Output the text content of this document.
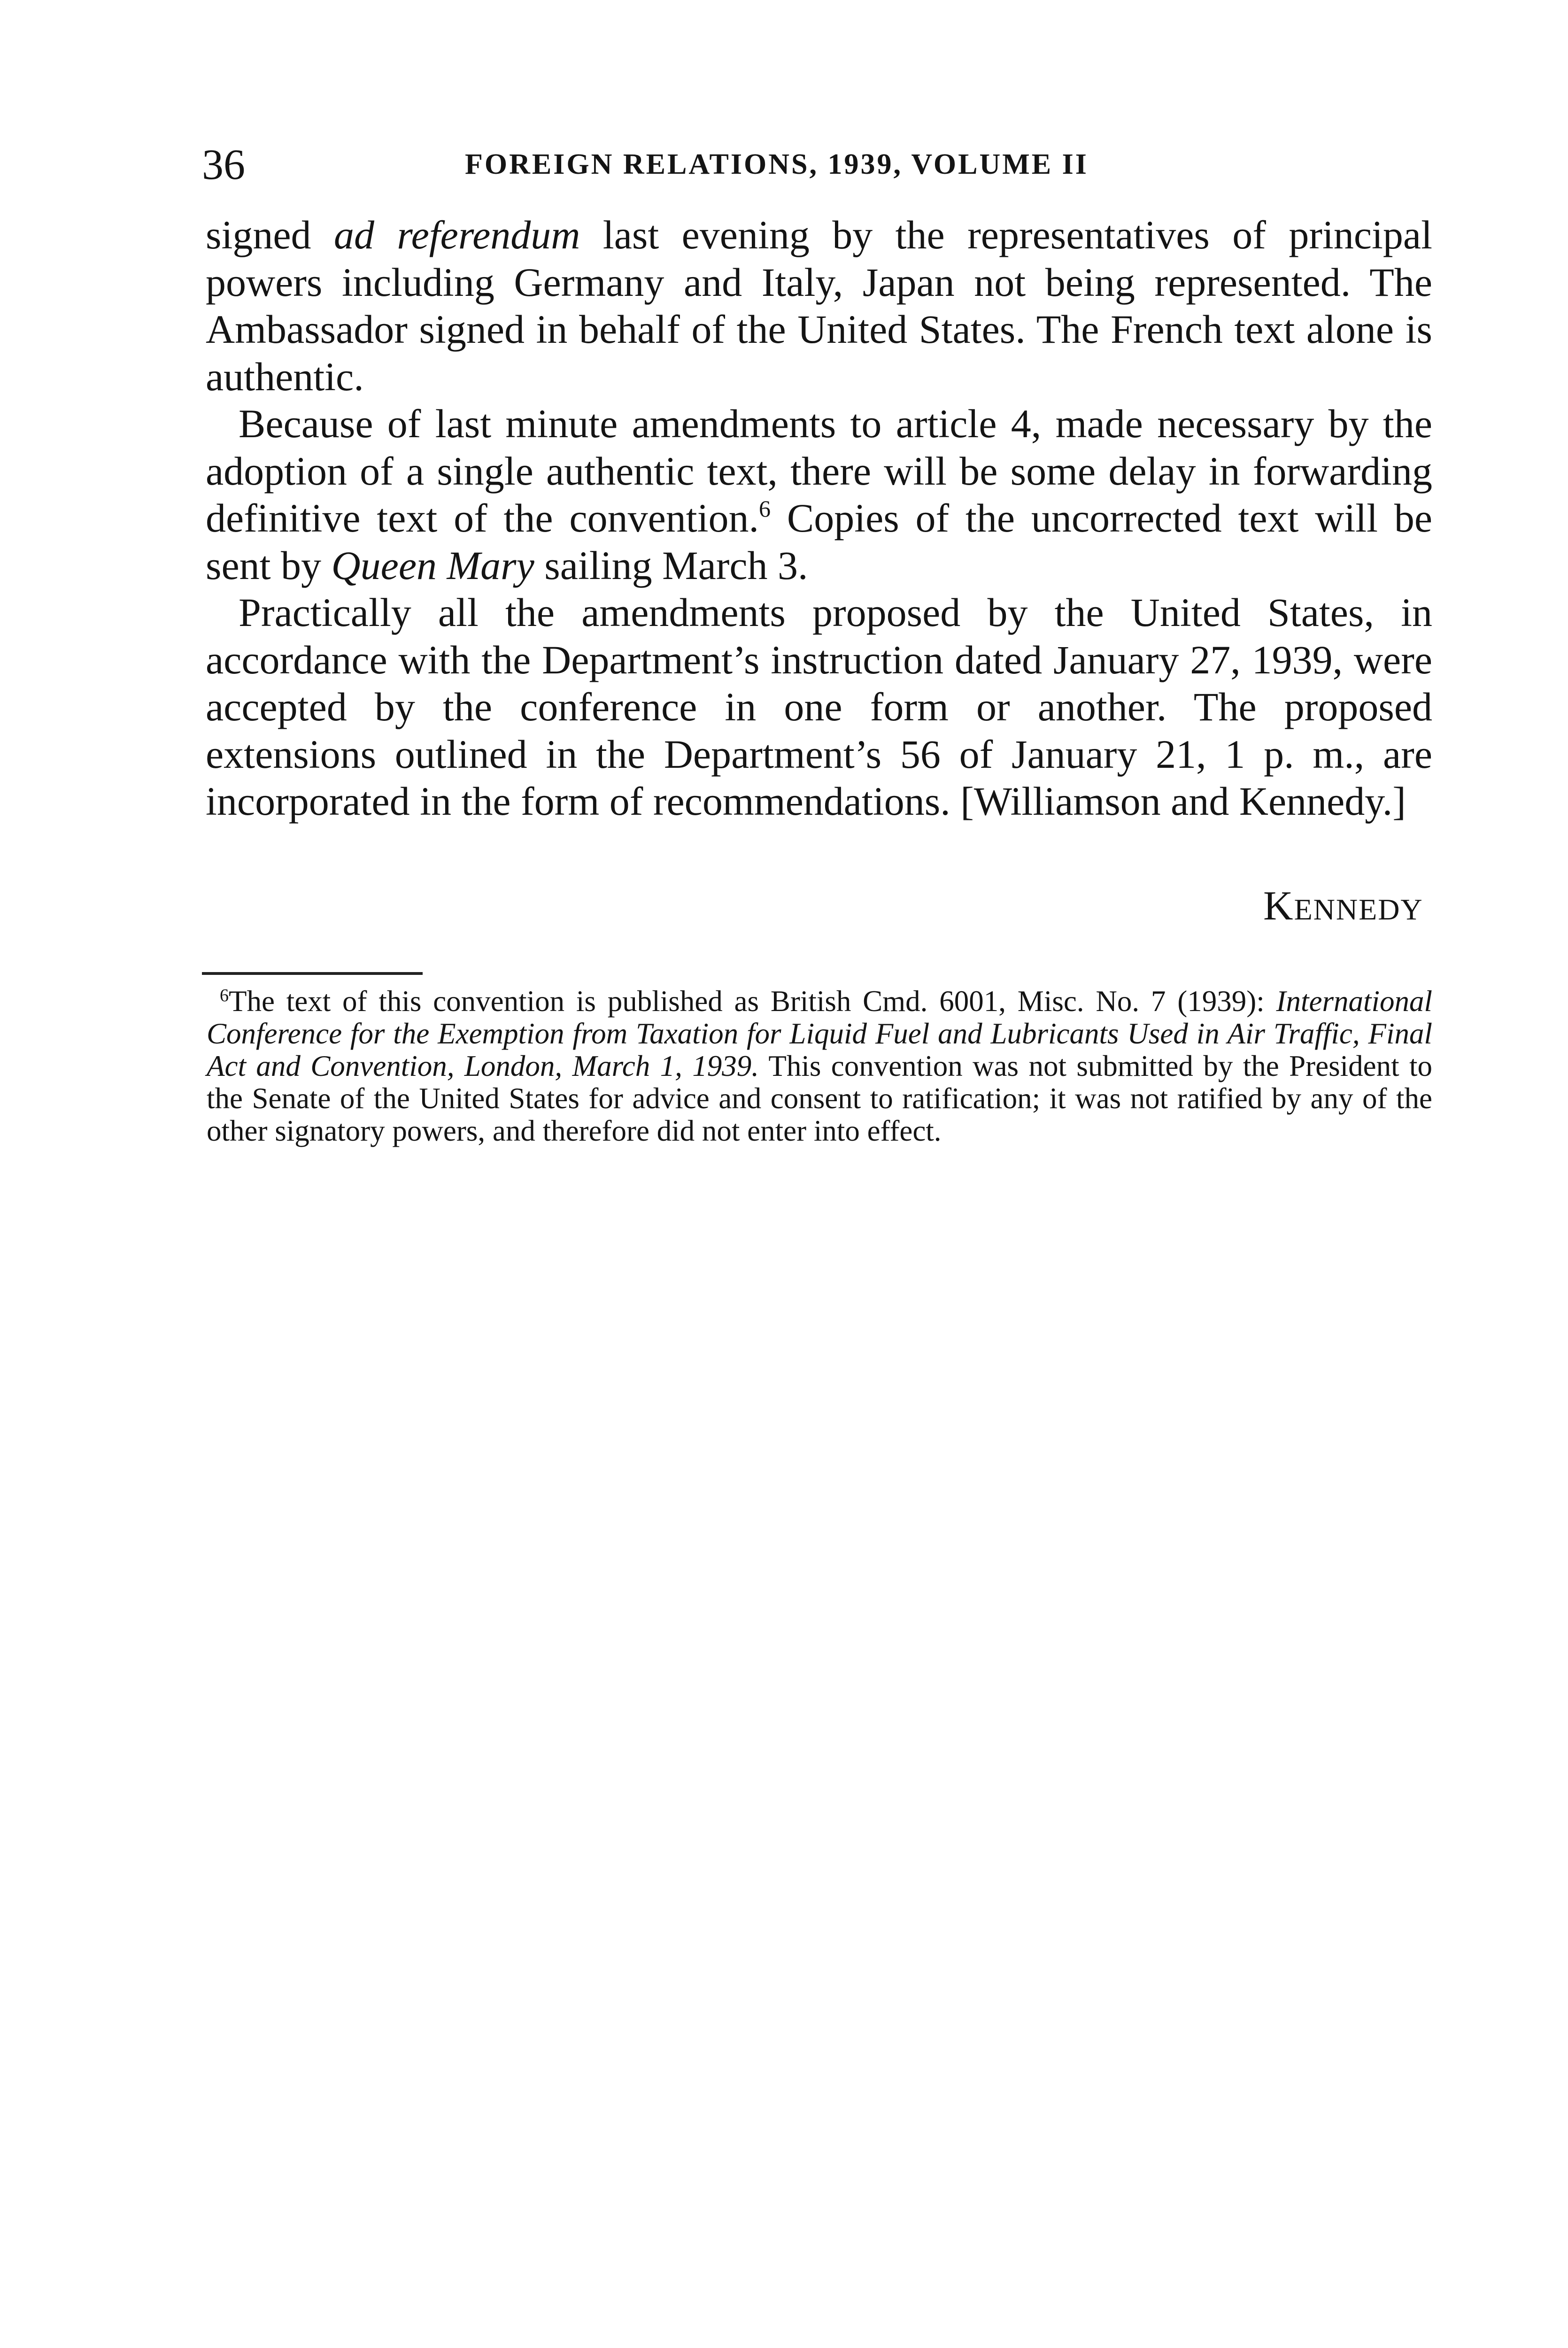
36	FOREIGN RELATIONS, 1939, VOLUME II

signed ad referendum last evening by the representatives of principal powers including Germany and Italy, Japan not being represented. The Ambassador signed in behalf of the United States. The French text alone is authentic.

Because of last minute amendments to article 4, made necessary by the adoption of a single authentic text, there will be some delay in forwarding definitive text of the convention.$^6$ Copies of the uncorrected text will be sent by Queen Mary sailing March 3.

Practically all the amendments proposed by the United States, in accordance with the Department’s instruction dated January 27, 1939, were accepted by the conference in one form or another. The proposed extensions outlined in the Department’s 56 of January 21, 1 p. m., are incorporated in the form of recommendations. [Williamson and Kennedy.]

KENNEDY

$^6$The text of this convention is published as British Cmd. 6001, Misc. No. 7 (1939): International Conference for the Exemption from Taxation for Liquid Fuel and Lubricants Used in Air Traffic, Final Act and Convention, London, March 1, 1939. This convention was not submitted by the President to the Senate of the United States for advice and consent to ratification; it was not ratified by any of the other signatory powers, and therefore did not enter into effect.
